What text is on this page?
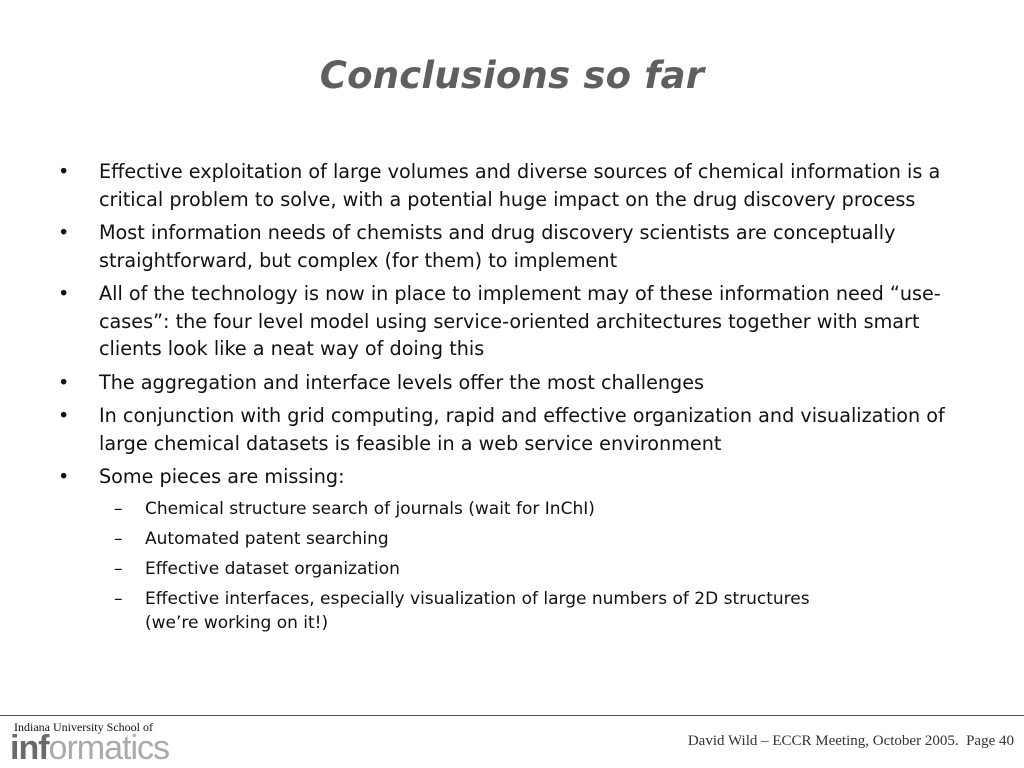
Conclusions so far
• Effective exploitation of large volumes and diverse sources of chemical information is a critical problem to solve, with a potential huge impact on the drug discovery process
• Most information needs of chemists and drug discovery scientists are conceptually straightforward, but complex (for them) to implement
• All of the technology is now in place to implement may of these information need “use-cases”: the four level model using service-oriented architectures together with smart clients look like a neat way of doing this
• The aggregation and interface levels offer the most challenges
• In conjunction with grid computing, rapid and effective organization and visualization of large chemical datasets is feasible in a web service environment
• Some pieces are missing:
–	Chemical structure search of journals (wait for InChI)
–	Automated patent searching
–	Effective dataset organization
–	Effective interfaces, especially visualization of large numbers of 2D structures
(we’re working on it!)
Indiana University School of
informatics	David Wild – ECCR Meeting, October 2005.  Page 40
